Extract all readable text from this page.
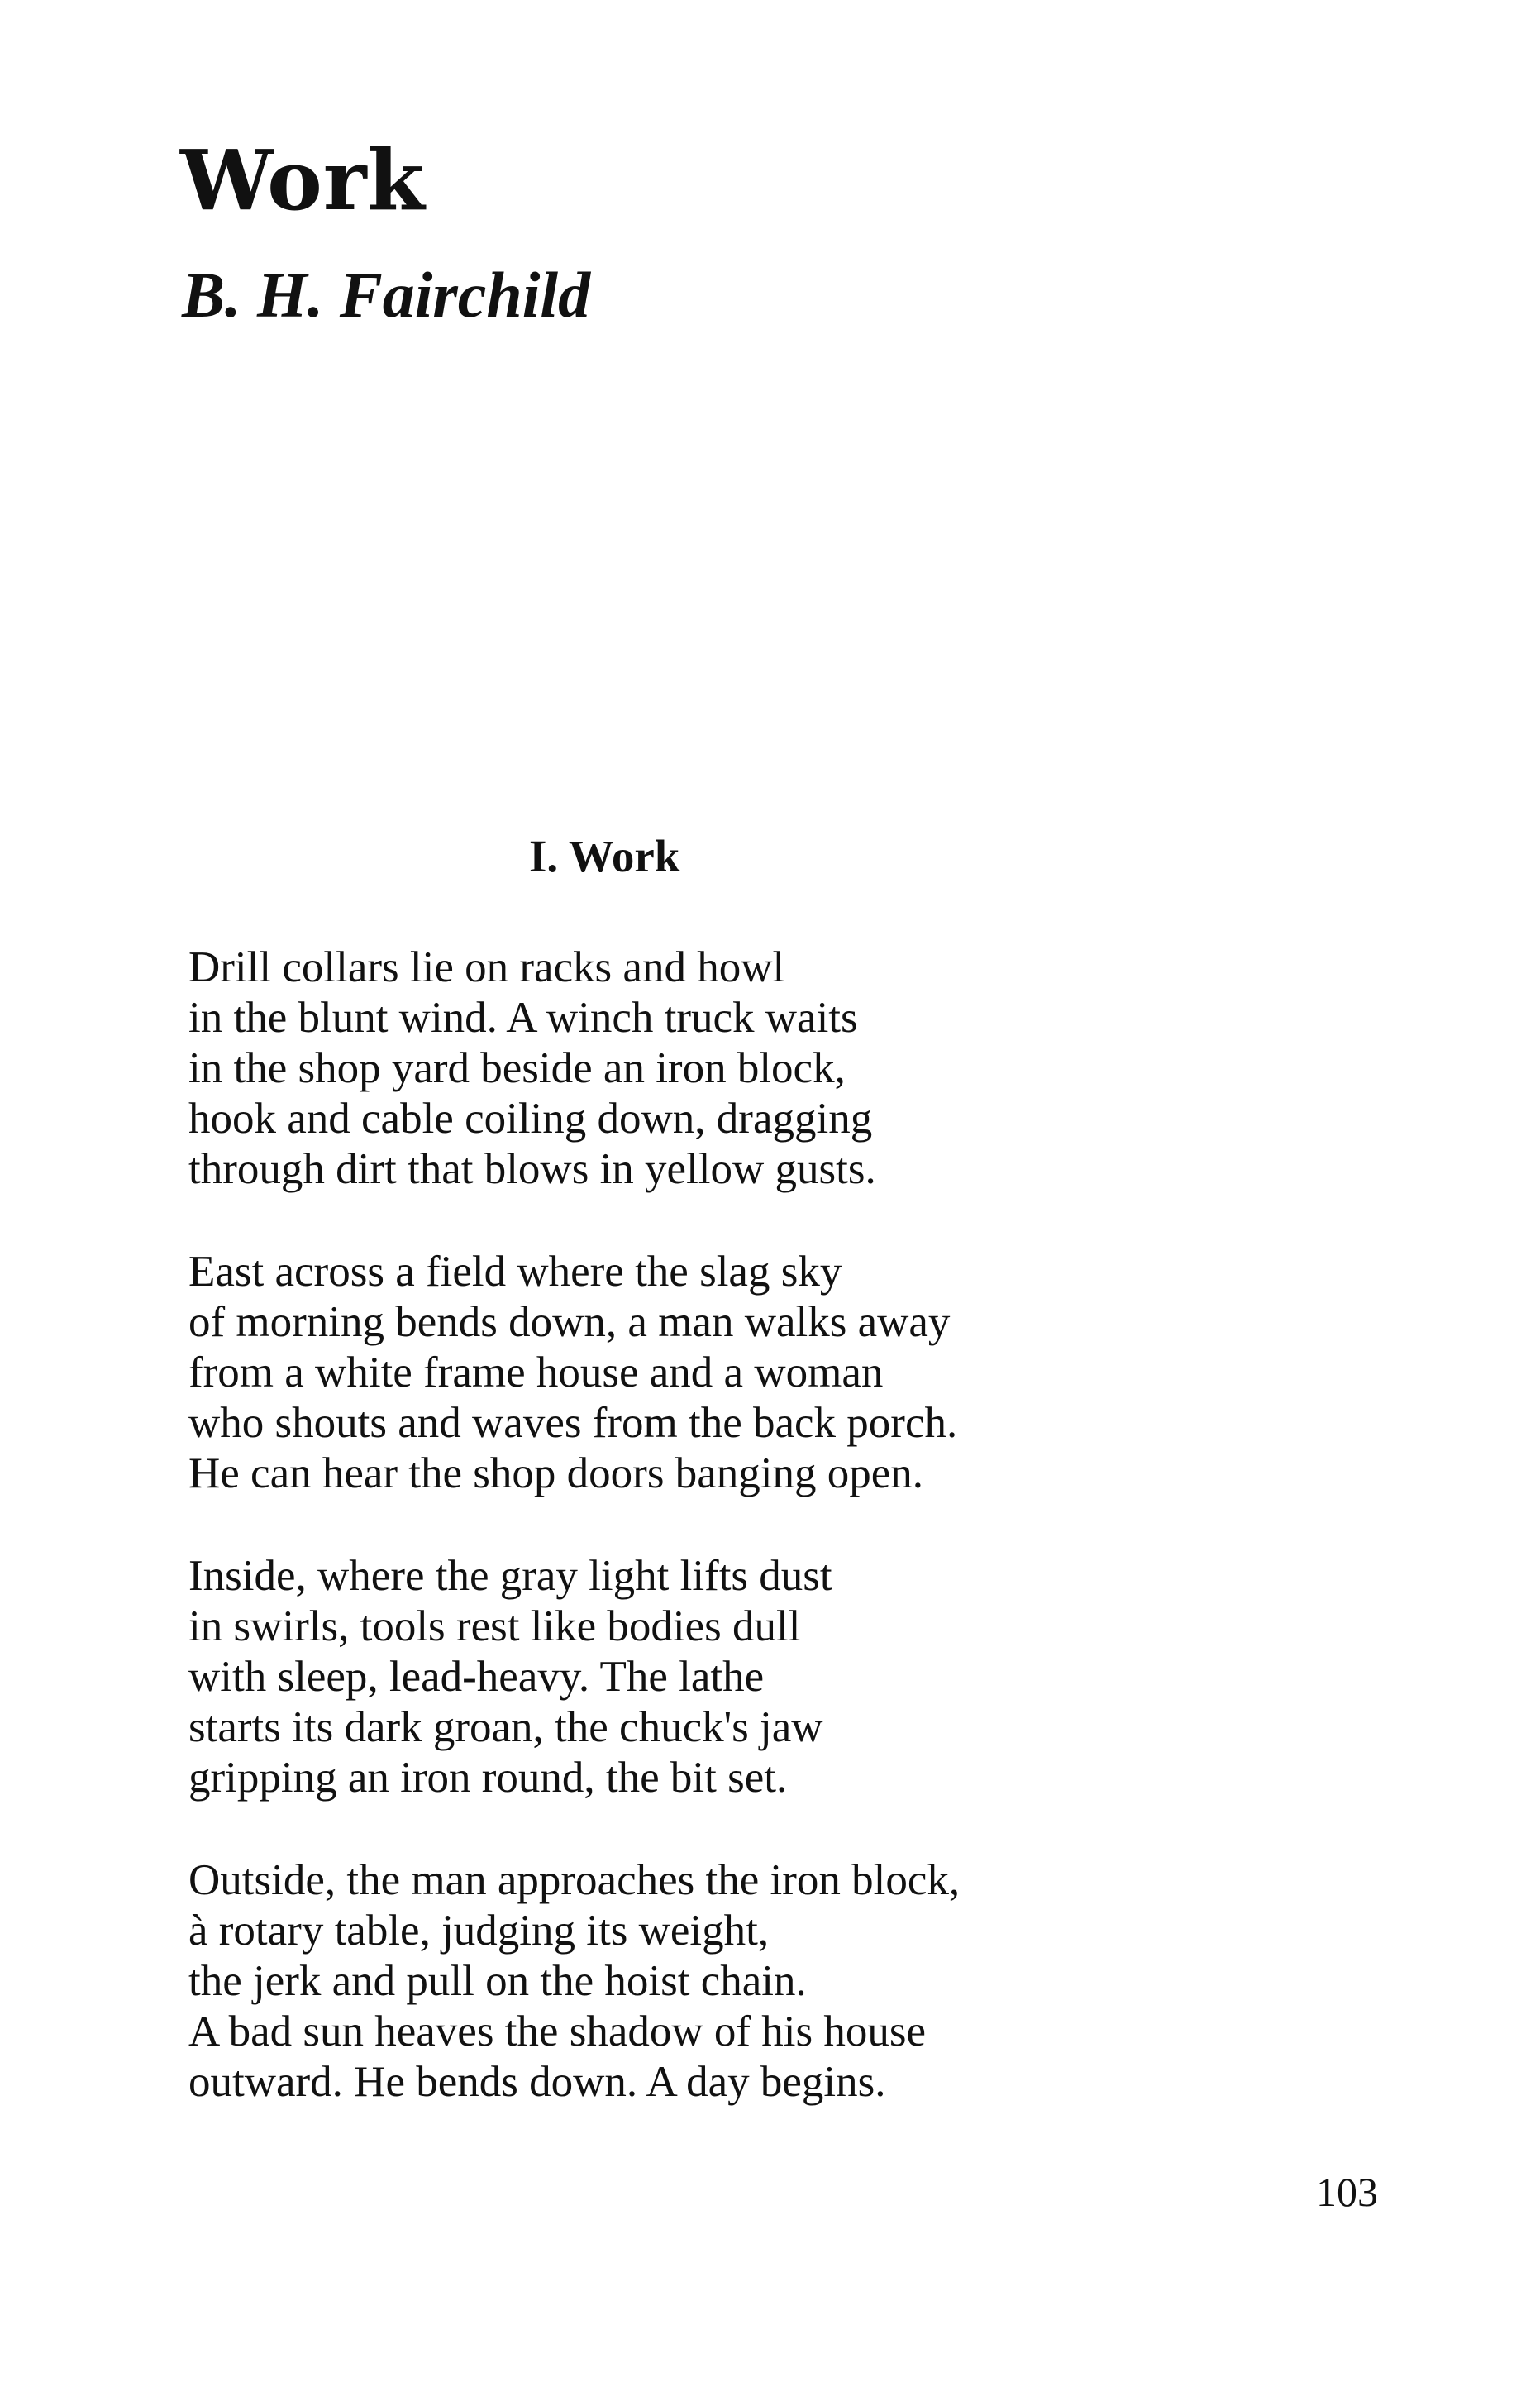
Work
B. H. Fairchild
I. Work
Drill collars lie on racks and howl
in the blunt wind. A winch truck waits
in the shop yard beside an iron block,
hook and cable coiling down, dragging
through dirt that blows in yellow gusts.
East across a field where the slag sky
of morning bends down, a man walks away
from a white frame house and a woman
who shouts and waves from the back porch.
He can hear the shop doors banging open.
Inside, where the gray light lifts dust
in swirls, tools rest like bodies dull
with sleep, lead-heavy. The lathe
starts its dark groan, the chuck's jaw
gripping an iron round, the bit set.
Outside, the man approaches the iron block,
à rotary table, judging its weight,
the jerk and pull on the hoist chain.
A bad sun heaves the shadow of his house
outward. He bends down. A day begins.

103
